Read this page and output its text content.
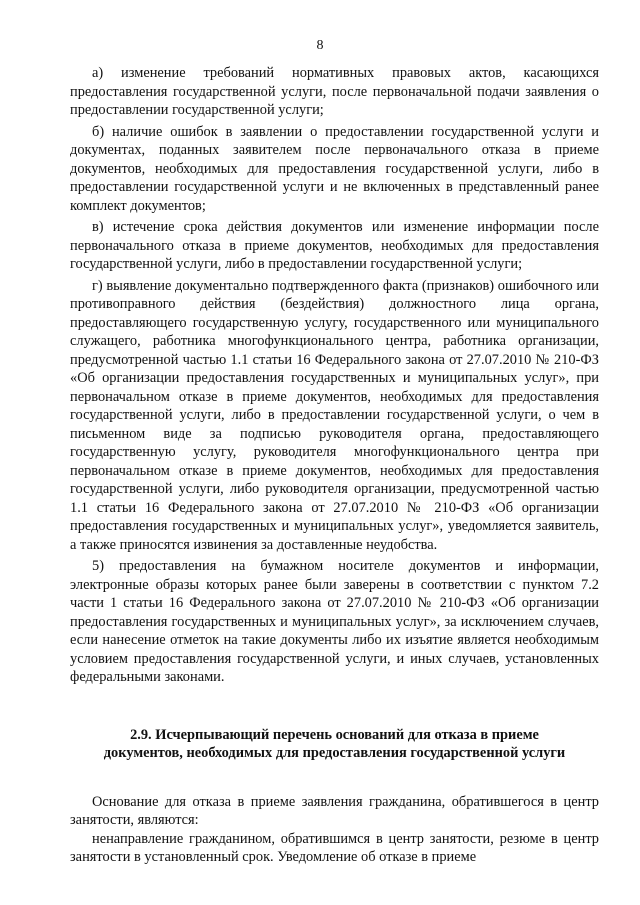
8

а) изменение требований нормативных правовых актов, касающихся предоставления государственной услуги, после первоначальной подачи заявления о предоставлении государственной услуги;

б) наличие ошибок в заявлении о предоставлении государственной услуги и документах, поданных заявителем после первоначального отказа в приеме документов, необходимых для предоставления государственной услуги, либо в предоставлении государственной услуги и не включенных в представленный ранее комплект документов;

в) истечение срока действия документов или изменение информации после первоначального отказа в приеме документов, необходимых для предоставления государственной услуги, либо в предоставлении государственной услуги;

г) выявление документально подтвержденного факта (признаков) ошибочного или противоправного действия (бездействия) должностного лица органа, предоставляющего государственную услугу, государственного или муниципального служащего, работника многофункционального центра, работника организации, предусмотренной частью 1.1 статьи 16 Федерального закона от 27.07.2010 № 210-ФЗ «Об организации предоставления государственных и муниципальных услуг», при первоначальном отказе в приеме документов, необходимых для предоставления государственной услуги, либо в предоставлении государственной услуги, о чем в письменном виде за подписью руководителя органа, предоставляющего государственную услугу, руководителя многофункционального центра при первоначальном отказе в приеме документов, необходимых для предоставления государственной услуги, либо руководителя организации, предусмотренной частью 1.1 статьи 16 Федерального закона от 27.07.2010 № 210-ФЗ «Об организации предоставления государственных и муниципальных услуг», уведомляется заявитель, а также приносятся извинения за доставленные неудобства.

5) предоставления на бумажном носителе документов и информации, электронные образы которых ранее были заверены в соответствии с пунктом 7.2 части 1 статьи 16 Федерального закона от 27.07.2010 № 210-ФЗ «Об организации предоставления государственных и муниципальных услуг», за исключением случаев, если нанесение отметок на такие документы либо их изъятие является необходимым условием предоставления государственной услуги, и иных случаев, установленных федеральными законами.

2.9. Исчерпывающий перечень оснований для отказа в приеме

документов, необходимых для предоставления государственной услуги

Основание для отказа в приеме заявления гражданина, обратившегося в центр занятости, являются:

ненаправление гражданином, обратившимся в центр занятости, резюме в центр занятости в установленный срок. Уведомление об отказе в приеме
